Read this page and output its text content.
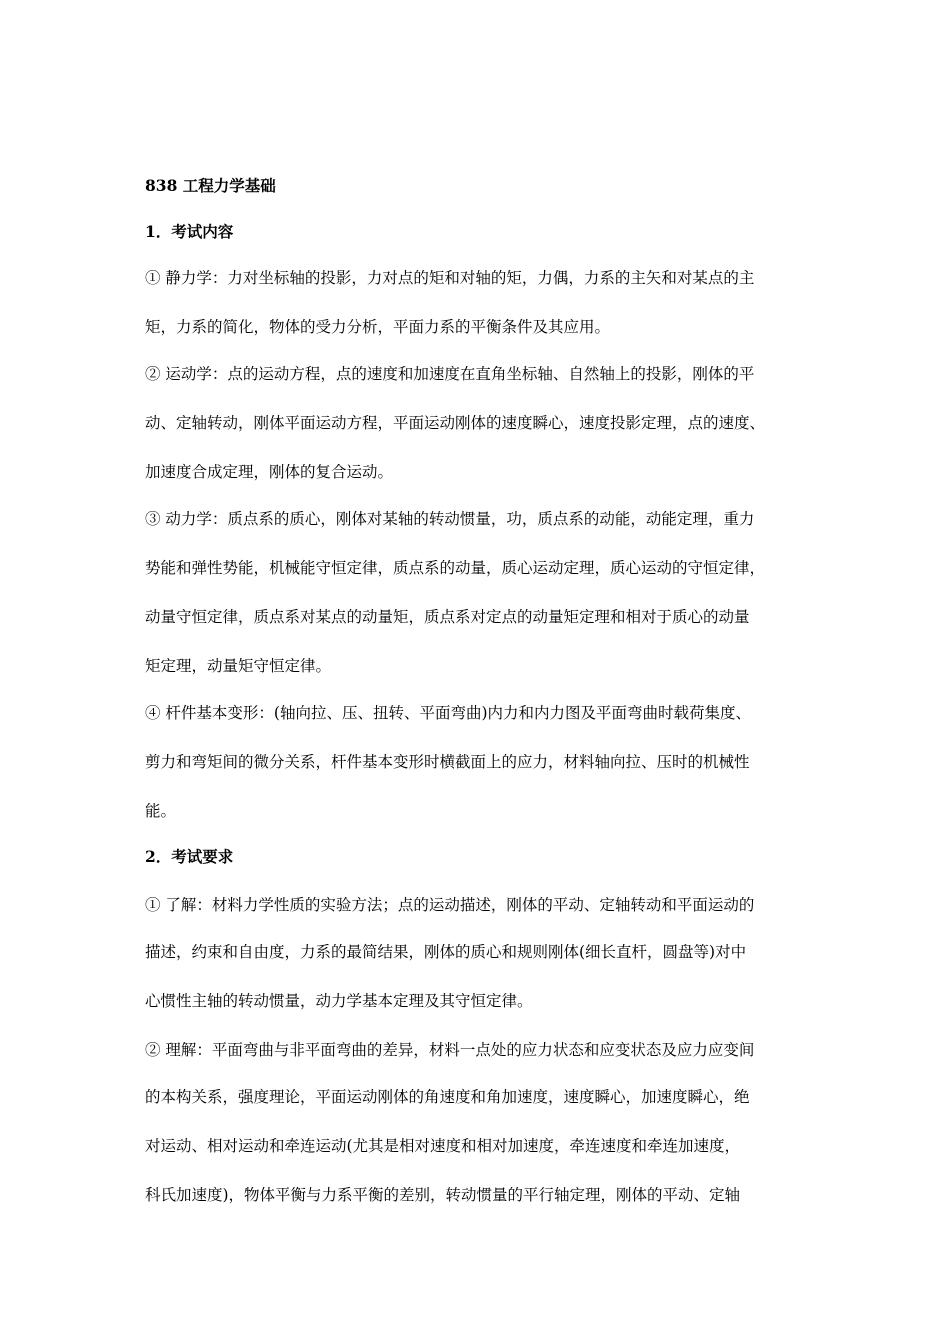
838 工程力学基础
1．考试内容
① 静力学：力对坐标轴的投影，力对点的矩和对轴的矩，力偶，力系的主矢和对某点的主
矩，力系的简化，物体的受力分析，平面力系的平衡条件及其应用。
② 运动学：点的运动方程，点的速度和加速度在直角坐标轴、自然轴上的投影，刚体的平
动、定轴转动，刚体平面运动方程，平面运动刚体的速度瞬心，速度投影定理，点的速度、
加速度合成定理，刚体的复合运动。
③ 动力学：质点系的质心，刚体对某轴的转动惯量，功，质点系的动能，动能定理，重力
势能和弹性势能，机械能守恒定律，质点系的动量，质心运动定理，质心运动的守恒定律，
动量守恒定律，质点系对某点的动量矩，质点系对定点的动量矩定理和相对于质心的动量
矩定理，动量矩守恒定律。
④ 杆件基本变形：(轴向拉、压、扭转、平面弯曲)内力和内力图及平面弯曲时载荷集度、
剪力和弯矩间的微分关系，杆件基本变形时横截面上的应力，材料轴向拉、压时的机械性
能。
2．考试要求
① 了解：材料力学性质的实验方法；点的运动描述，刚体的平动、定轴转动和平面运动的
描述，约束和自由度，力系的最简结果，刚体的质心和规则刚体(细长直杆，圆盘等)对中
心惯性主轴的转动惯量，动力学基本定理及其守恒定律。
② 理解：平面弯曲与非平面弯曲的差异，材料一点处的应力状态和应变状态及应力应变间
的本构关系，强度理论，平面运动刚体的角速度和角加速度，速度瞬心，加速度瞬心，绝
对运动、相对运动和牵连运动(尤其是相对速度和相对加速度，牵连速度和牵连加速度，
科氏加速度)，物体平衡与力系平衡的差别，转动惯量的平行轴定理，刚体的平动、定轴
